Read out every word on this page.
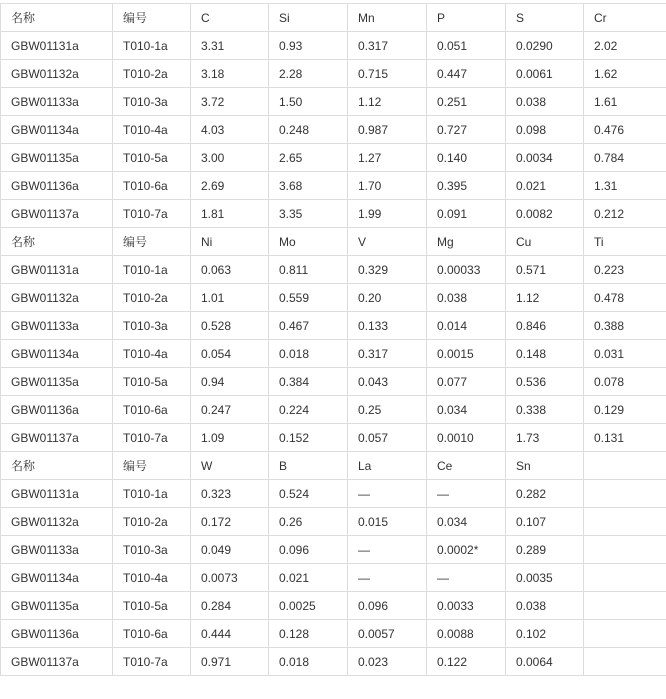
名称	编号	C	Si	Mn	P	S	Cr
GBW01131a	T010-1a	3.31	0.93	0.317	0.051	0.0290	2.02
GBW01132a	T010-2a	3.18	2.28	0.715	0.447	0.0061	1.62
GBW01133a	T010-3a	3.72	1.50	1.12	0.251	0.038	1.61
GBW01134a	T010-4a	4.03	0.248	0.987	0.727	0.098	0.476
GBW01135a	T010-5a	3.00	2.65	1.27	0.140	0.0034	0.784
GBW01136a	T010-6a	2.69	3.68	1.70	0.395	0.021	1.31
GBW01137a	T010-7a	1.81	3.35	1.99	0.091	0.0082	0.212
名称	编号	Ni	Mo	V	Mg	Cu	Ti
GBW01131a	T010-1a	0.063	0.811	0.329	0.00033	0.571	0.223
GBW01132a	T010-2a	1.01	0.559	0.20	0.038	1.12	0.478
GBW01133a	T010-3a	0.528	0.467	0.133	0.014	0.846	0.388
GBW01134a	T010-4a	0.054	0.018	0.317	0.0015	0.148	0.031
GBW01135a	T010-5a	0.94	0.384	0.043	0.077	0.536	0.078
GBW01136a	T010-6a	0.247	0.224	0.25	0.034	0.338	0.129
GBW01137a	T010-7a	1.09	0.152	0.057	0.0010	1.73	0.131
名称	编号	W	B	La	Ce	Sn	
GBW01131a	T010-1a	0.323	0.524	—	—	0.282	
GBW01132a	T010-2a	0.172	0.26	0.015	0.034	0.107	
GBW01133a	T010-3a	0.049	0.096	—	0.0002*	0.289	
GBW01134a	T010-4a	0.0073	0.021	—	—	0.0035	
GBW01135a	T010-5a	0.284	0.0025	0.096	0.0033	0.038	
GBW01136a	T010-6a	0.444	0.128	0.0057	0.0088	0.102	
GBW01137a	T010-7a	0.971	0.018	0.023	0.122	0.0064	
